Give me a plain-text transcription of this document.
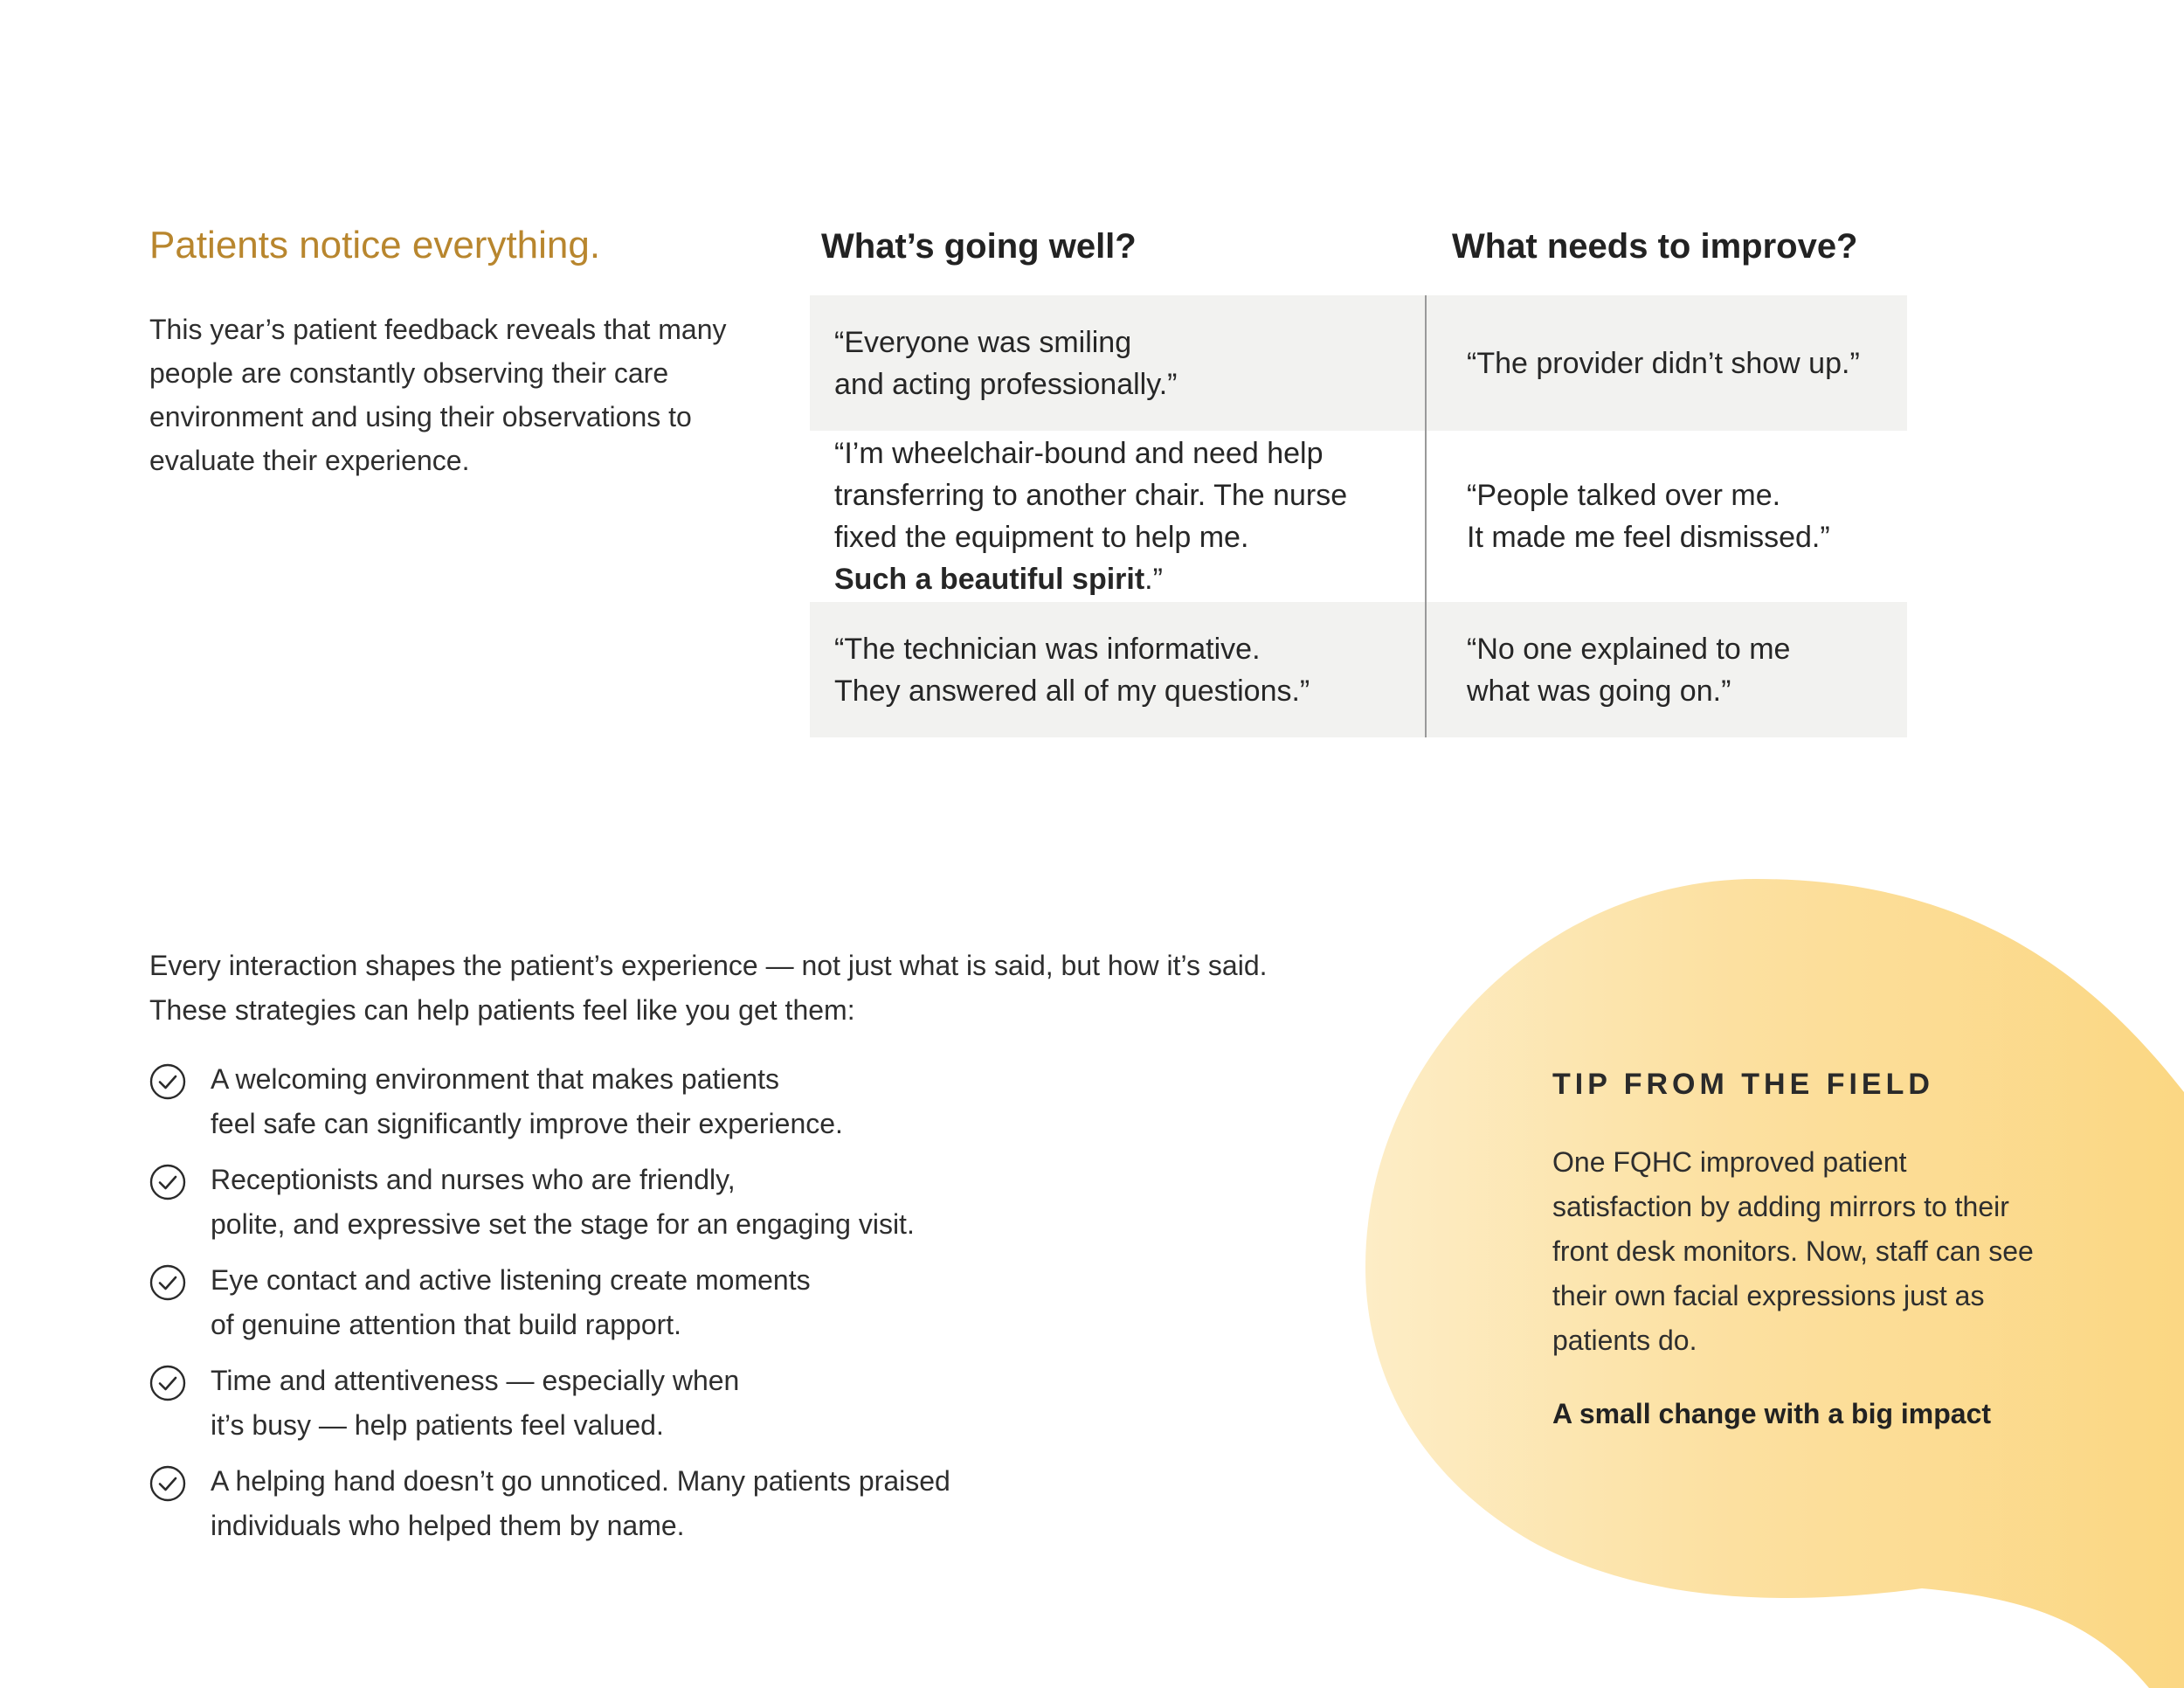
Patients notice everything.

This year’s patient feedback reveals that many people are constantly observing their care environment and using their observations to evaluate their experience.

What’s going well?	What needs to improve?
“Everyone was smiling
and acting professionally.”
“The provider didn’t show up.”
“I’m wheelchair-bound and need help
transferring to another chair. The nurse
fixed the equipment to help me.
Such a beautiful spirit.”
“People talked over me.
It made me feel dismissed.”
“The technician was informative.
They answered all of my questions.”
“No one explained to me
what was going on.”

Every interaction shapes the patient’s experience — not just what is said, but how it’s said. These strategies can help patients feel like you get them:

A welcoming environment that makes patients
feel safe can significantly improve their experience.
Receptionists and nurses who are friendly,
polite, and expressive set the stage for an engaging visit.
Eye contact and active listening create moments
of genuine attention that build rapport.
Time and attentiveness — especially when
it’s busy — help patients feel valued.
A helping hand doesn’t go unnoticed. Many patients praised
individuals who helped them by name.

TIP FROM THE FIELD

One FQHC improved patient satisfaction by adding mirrors to their front desk monitors. Now, staff can see their own facial expressions just as patients do.

A small change with a big impact
